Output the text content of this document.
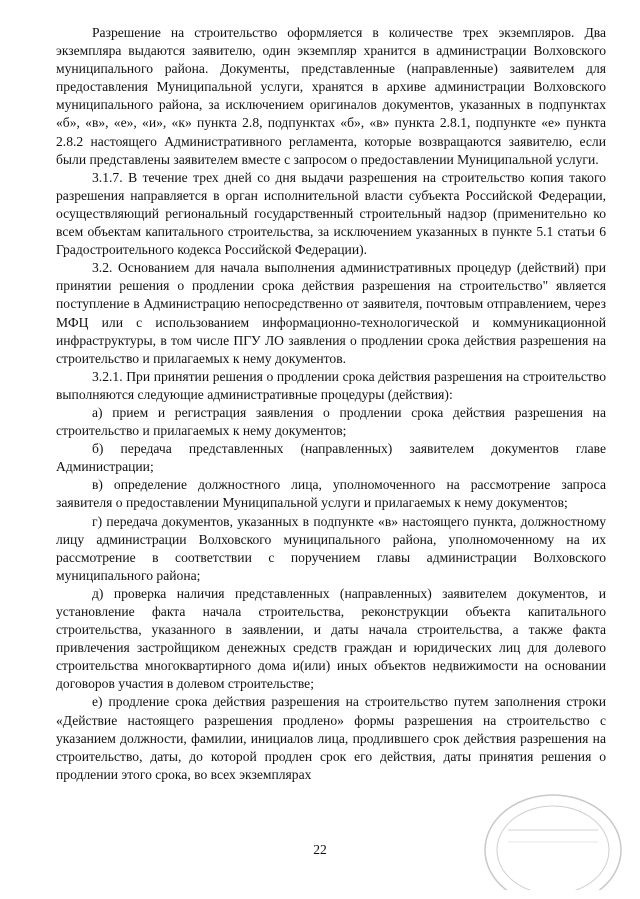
Разрешение на строительство оформляется в количестве трех экземпляров. Два экземпляра выдаются заявителю, один экземпляр хранится в администрации Волховского муниципального района. Документы, представленные (направленные) заявителем для предоставления Муниципальной услуги, хранятся в архиве администрации Волховского муниципального района, за исключением оригиналов документов, указанных в подпунктах «б», «в», «е», «и», «к» пункта 2.8, подпунктах «б», «в» пункта 2.8.1, подпункте «е» пункта 2.8.2 настоящего Административного регламента, которые возвращаются заявителю, если были представлены заявителем вместе с запросом о предоставлении Муниципальной услуги.

3.1.7. В течение трех дней со дня выдачи разрешения на строительство копия такого разрешения направляется в орган исполнительной власти субъекта Российской Федерации, осуществляющий региональный государственный строительный надзор (применительно ко всем объектам капитального строительства, за исключением указанных в пункте 5.1 статьи 6 Градостроительного кодекса Российской Федерации).

3.2. Основанием для начала выполнения административных процедур (действий) при принятии решения о продлении срока действия разрешения на строительство" является поступление в Администрацию непосредственно от заявителя, почтовым отправлением, через МФЦ или с использованием информационно-технологической и коммуникационной инфраструктуры, в том числе ПГУ ЛО заявления о продлении срока действия разрешения на строительство и прилагаемых к нему документов.

3.2.1. При принятии решения о продлении срока действия разрешения на строительство выполняются следующие административные процедуры (действия):

а) прием и регистрация заявления о продлении срока действия разрешения на строительство и прилагаемых к нему документов;

б) передача представленных (направленных) заявителем документов главе Администрации;

в) определение должностного лица, уполномоченного на рассмотрение запроса заявителя о предоставлении Муниципальной услуги и прилагаемых к нему документов;

г) передача документов, указанных в подпункте «в» настоящего пункта, должностному лицу администрации Волховского муниципального района, уполномоченному на их рассмотрение в соответствии с поручением главы администрации Волховского муниципального района;

д) проверка наличия представленных (направленных) заявителем документов, и установление факта начала строительства, реконструкции объекта капитального строительства, указанного в заявлении, и даты начала строительства, а также факта привлечения застройщиком денежных средств граждан и юридических лиц для долевого строительства многоквартирного дома и(или) иных объектов недвижимости на основании договоров участия в долевом строительстве;

е) продление срока действия разрешения на строительство путем заполнения строки «Действие настоящего разрешения продлено» формы разрешения на строительство с указанием должности, фамилии, инициалов лица, продлившего срок действия разрешения на строительство, даты, до которой продлен срок его действия, даты принятия решения о продлении этого срока, во всех экземплярах

22
